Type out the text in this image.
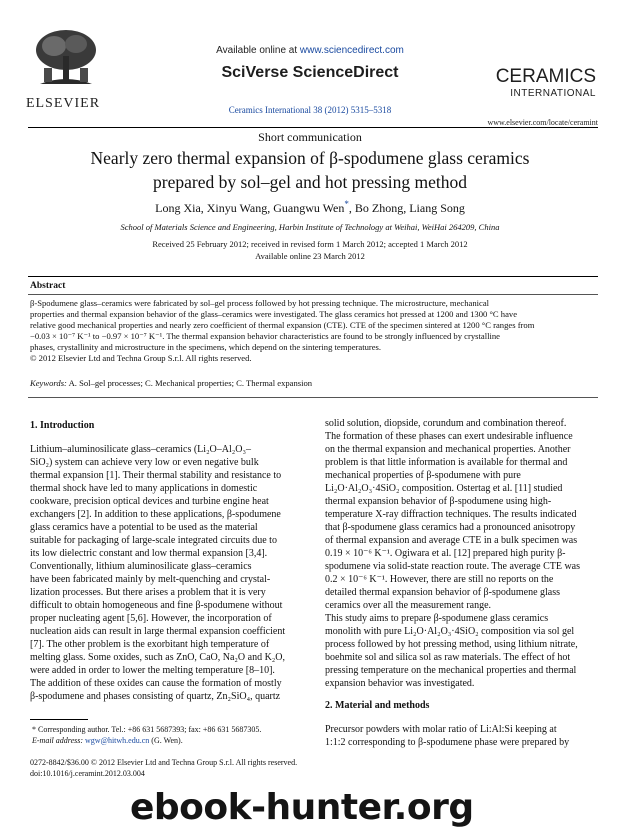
ELSEVIER
Available online at www.sciencedirect.com
SciVerse ScienceDirect
Ceramics International 38 (2012) 5315–5318
CERAMICS
INTERNATIONAL
www.elsevier.com/locate/ceramint
Short communication
Nearly zero thermal expansion of β-spodumene glass ceramics
prepared by sol–gel and hot pressing method
Long Xia, Xinyu Wang, Guangwu Wen*, Bo Zhong, Liang Song
School of Materials Science and Engineering, Harbin Institute of Technology at Weihai, WeiHai 264209, China
Received 25 February 2012; received in revised form 1 March 2012; accepted 1 March 2012
Available online 23 March 2012
Abstract
β-Spodumene glass–ceramics were fabricated by sol–gel process followed by hot pressing technique. The microstructure, mechanical
properties and thermal expansion behavior of the glass–ceramics were investigated. The glass ceramics hot pressed at 1200 and 1300 °C have
relative good mechanical properties and nearly zero coefficient of thermal expansion (CTE). CTE of the specimen sintered at 1200 °C ranges from
−0.03 × 10⁻⁷ K⁻¹ to −0.97 × 10⁻⁷ K⁻¹. The thermal expansion behavior characteristics are found to be strongly influenced by crystalline
phases, crystallinity and microstructure in the specimens, which depend on the sintering temperatures.
© 2012 Elsevier Ltd and Techna Group S.r.l. All rights reserved.
Keywords: A. Sol–gel processes; C. Mechanical properties; C. Thermal expansion
1. Introduction
Lithium–aluminosilicate glass–ceramics (Li₂O–Al₂O₃–
SiO₂) system can achieve very low or even negative bulk
thermal expansion [1]. Their thermal stability and resistance to
thermal shock have led to many applications in domestic
cookware, precision optical devices and turbine engine heat
exchangers [2]. In addition to these applications, β-spodumene
glass ceramics have a potential to be used as the material
suitable for packaging of large-scale integrated circuits due to
its low dielectric constant and low thermal expansion [3,4].
Conventionally, lithium aluminosilicate glass–ceramics
have been fabricated mainly by melt-quenching and crystal-
lization processes. But there arises a problem that it is very
difficult to obtain homogeneous and fine β-spodumene without
proper nucleating agent [5,6]. However, the incorporation of
nucleation aids can result in large thermal expansion coefficient
[7]. The other problem is the exorbitant high temperature of
melting glass. Some oxides, such as ZnO, CaO, Na₂O and K₂O,
were added in order to lower the melting temperature [8–10].
The addition of these oxides can cause the formation of mostly
β-spodumene and phases consisting of quartz, Zn₂SiO₄, quartz
solid solution, diopside, corundum and combination thereof.
The formation of these phases can exert undesirable influence
on the thermal expansion and mechanical properties. Another
problem is that little information is available for thermal and
mechanical properties of β-spodumene with pure
Li₂O·Al₂O₃·4SiO₂ composition. Ostertag et al. [11] studied
thermal expansion behavior of β-spodumene using high-
temperature X-ray diffraction techniques. The results indicated
that β-spodumene glass ceramics had a pronounced anisotropy
of thermal expansion and average CTE in a bulk specimen was
0.19 × 10⁻⁶ K⁻¹. Ogiwara et al. [12] prepared high purity β-
spodumene via solid-state reaction route. The average CTE was
0.2 × 10⁻⁶ K⁻¹. However, there are still no reports on the
detailed thermal expansion behavior of β-spodumene glass
ceramics over all the measurement range.
This study aims to prepare β-spodumene glass ceramics
monolith with pure Li₂O·Al₂O₃·4SiO₂ composition via sol gel
process followed by hot pressing method, using lithium nitrate,
boehmite sol and silica sol as raw materials. The effect of hot
pressing temperature on the mechanical properties and thermal
expansion behavior was investigated.
2. Material and methods
Precursor powders with molar ratio of Li:Al:Si keeping at
1:1:2 corresponding to β-spodumene phase were prepared by
* Corresponding author. Tel.: +86 631 5687393; fax: +86 631 5687305.
E-mail address: wgw@hitwh.edu.cn (G. Wen).
0272-8842/$36.00 © 2012 Elsevier Ltd and Techna Group S.r.l. All rights reserved.
doi:10.1016/j.ceramint.2012.03.004
ebook-hunter.org
